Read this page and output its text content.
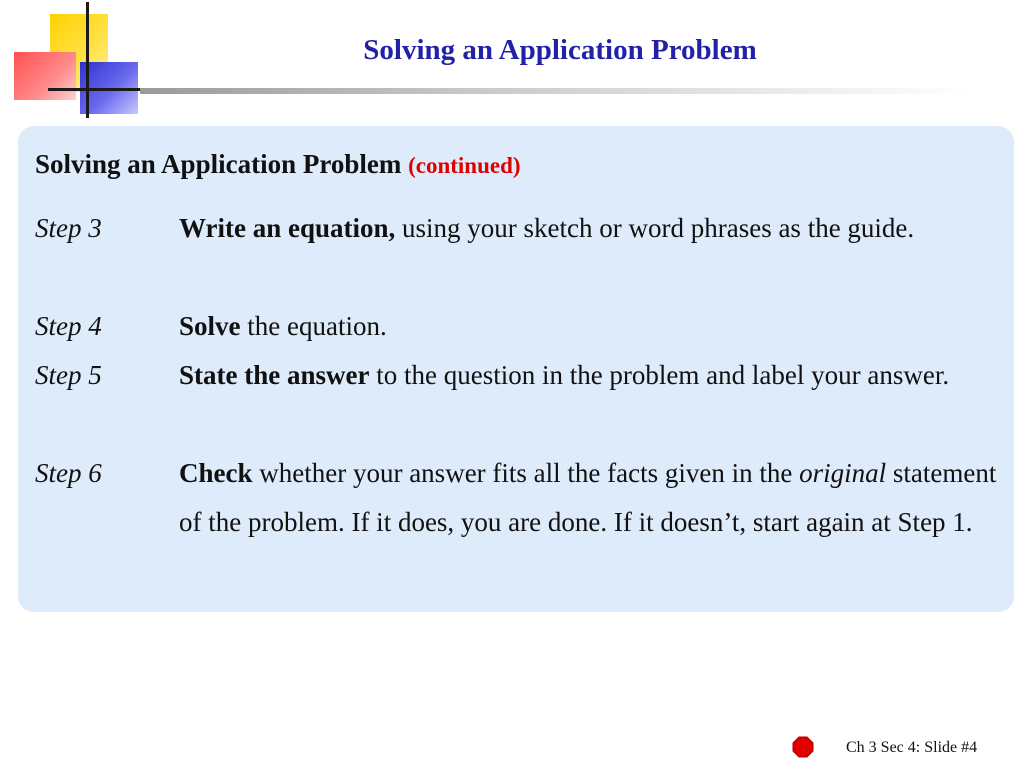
Solving an Application Problem
Solving an Application Problem (continued)
Step 3	Write an equation, using your sketch or word phrases as the guide.
Step 4	Solve the equation.
Step 5	State the answer to the question in the problem and label your answer.
Step 6	Check whether your answer fits all the facts given in the original statement of the problem. If it does, you are done. If it doesn’t, start again at Step 1.
Ch 3 Sec 4: Slide #4
